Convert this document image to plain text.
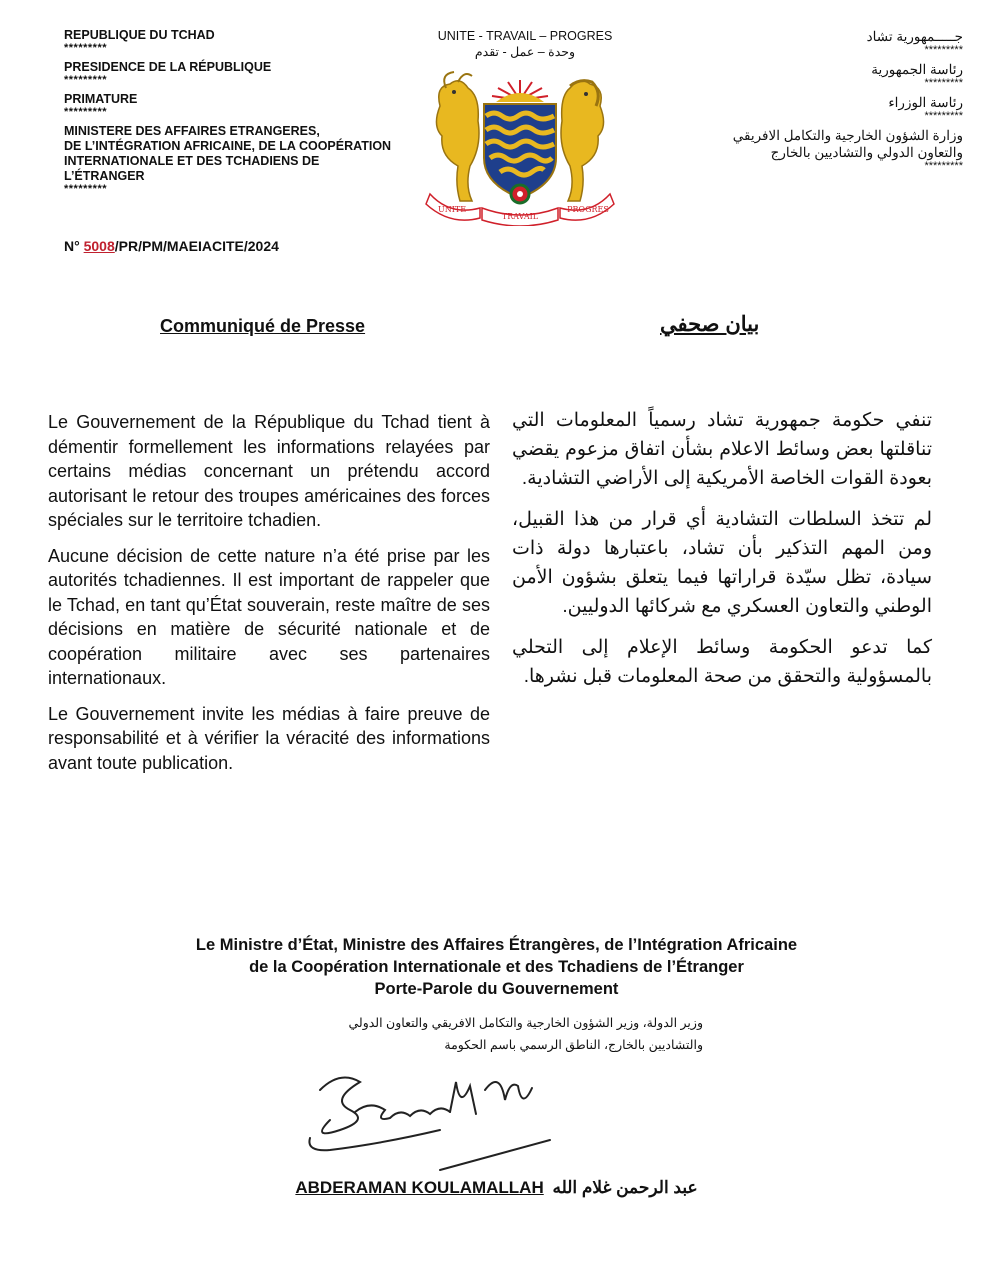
REPUBLIQUE DU TCHAD
*********
PRESIDENCE DE LA RÉPUBLIQUE
*********
PRIMATURE
*********
MINISTERE DES AFFAIRES ETRANGERES,
DE L’INTÉGRATION AFRICAINE, DE LA COOPÉRATION
INTERNATIONALE ET DES TCHADIENS DE
L’ÉTRANGER
*********
UNITE - TRAVAIL – PROGRES
وحدة – عمل - تقدم
UNITE
TRAVAIL
PROGRES
جـــــمهورية تشاد
*********
رئاسة الجمهورية
*********
رئاسة الوزراء
*********
وزارة الشؤون الخارجية والتكامل الافريقي
والتعاون الدولي والتشاديين بالخارج
*********
N° 5008/PR/PM/MAEIACITE/2024
Communiqué de Presse	بيان صحفي

Le Gouvernement de la République du Tchad tient à démentir formellement les informations relayées par certains médias concernant un prétendu accord autorisant le retour des troupes américaines des forces spéciales sur le territoire tchadien.

Aucune décision de cette nature n’a été prise par les autorités tchadiennes. Il est important de rappeler que le Tchad, en tant qu’État souverain, reste maître de ses décisions en matière de sécurité nationale et de coopération militaire avec ses partenaires internationaux.

Le Gouvernement invite les médias à faire preuve de responsabilité et à vérifier la véracité des informations avant toute publication.

تنفي حكومة جمهورية تشاد رسمياً المعلومات التي تناقلتها بعض وسائط الاعلام بشأن اتفاق مزعوم يقضي بعودة القوات الخاصة الأمريكية إلى الأراضي التشادية.

لم تتخذ السلطات التشادية أي قرار من هذا القبيل، ومن المهم التذكير بأن تشاد، باعتبارها دولة ذات سيادة، تظل سيّدة قراراتها فيما يتعلق بشؤون الأمن الوطني والتعاون العسكري مع شركائها الدوليين.

كما تدعو الحكومة وسائط الإعلام إلى التحلي بالمسؤولية والتحقق من صحة المعلومات قبل نشرها.

Le Ministre d’État, Ministre des Affaires Étrangères, de l’Intégration Africaine
de la Coopération Internationale et des Tchadiens de l’Étranger
Porte-Parole du Gouvernement
وزير الدولة، وزير الشؤون الخارجية والتكامل الافريقي والتعاون الدولي
والتشاديين بالخارج، الناطق الرسمي باسم الحكومة
ABDERAMAN KOULAMALLAH عبد الرحمن غلام الله
